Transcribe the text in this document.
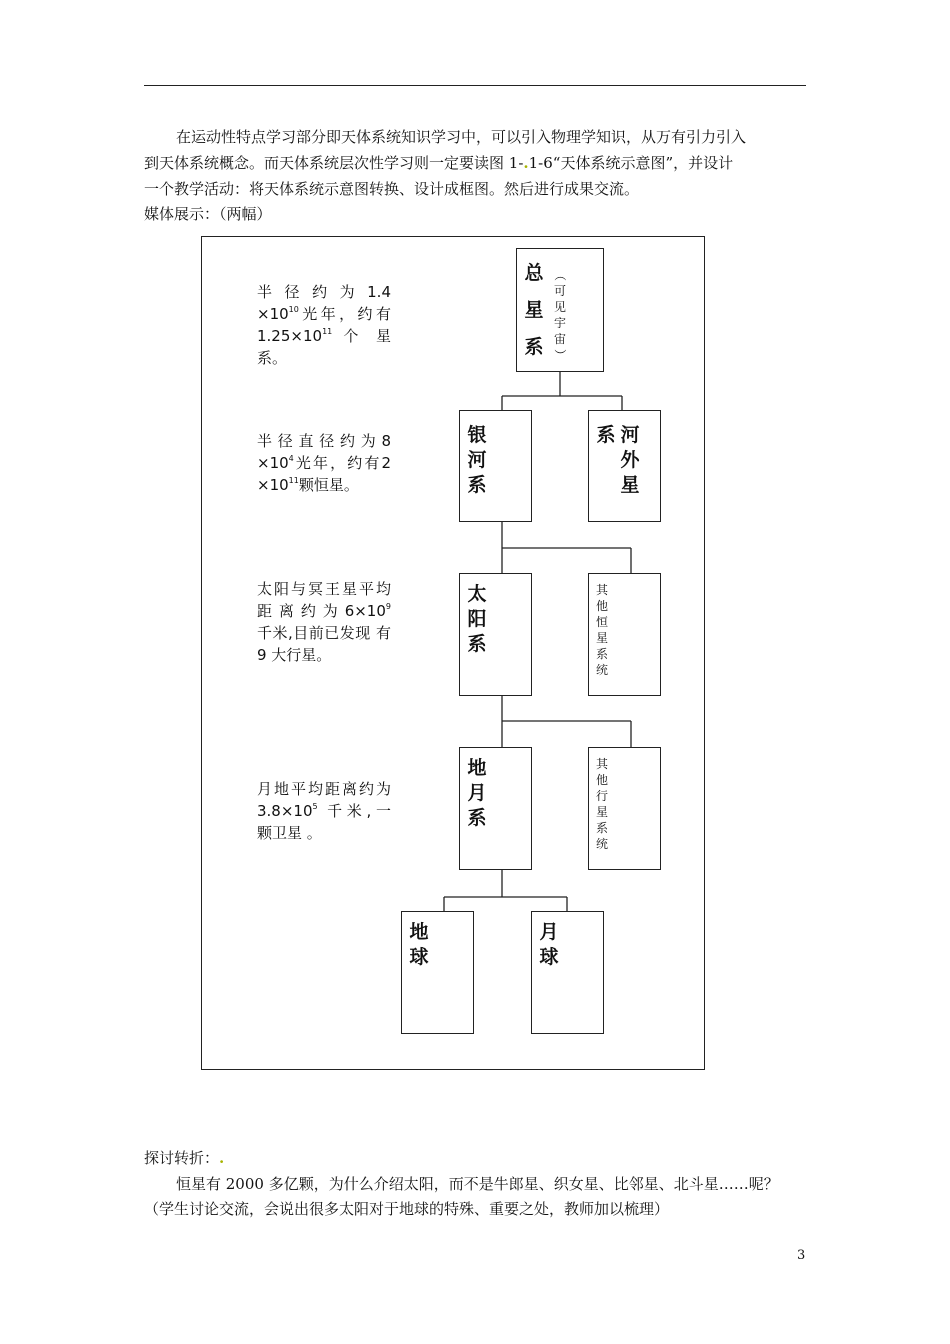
在运动性特点学习部分即天体系统知识学习中，可以引入物理学知识，从万有引力引入

到天体系统概念。而天体系统层次性学习则一定要读图 1-.1-6“天体系统示意图”，并设计

一个教学活动：将天体系统示意图转换、设计成框图。然后进行成果交流。

媒体展示：（两幅）

半 径 约 为 $1.4 \times 10^{10}$光年，约有 $1.25\times 10^{11}$ 个 星 系。
半 径 直 径 约 为 $8 \times 10^4$光年，约有$2 \times 10^{11}$颗恒星。
太阳与冥王星平均 距 离 约 为 $6\times 10^9$ 千米,目前已发现 有 9 大行星。
月地平均距离约为 $3.8\times 10^5$ 千米,一 颗卫星 。
总
星
系
（
可
见
宇
宙
）
银
河
系
系 河
外
星
太
阳
系
其
他
恒
星
系
统
地
月
系
其
他
行
星
系
统
地
球
月
球

探讨转折：.

恒星有 2000 多亿颗，为什么介绍太阳，而不是牛郎星、织女星、比邻星、北斗星……呢？

（学生讨论交流，会说出很多太阳对于地球的特殊、重要之处，教师加以梳理）

3
